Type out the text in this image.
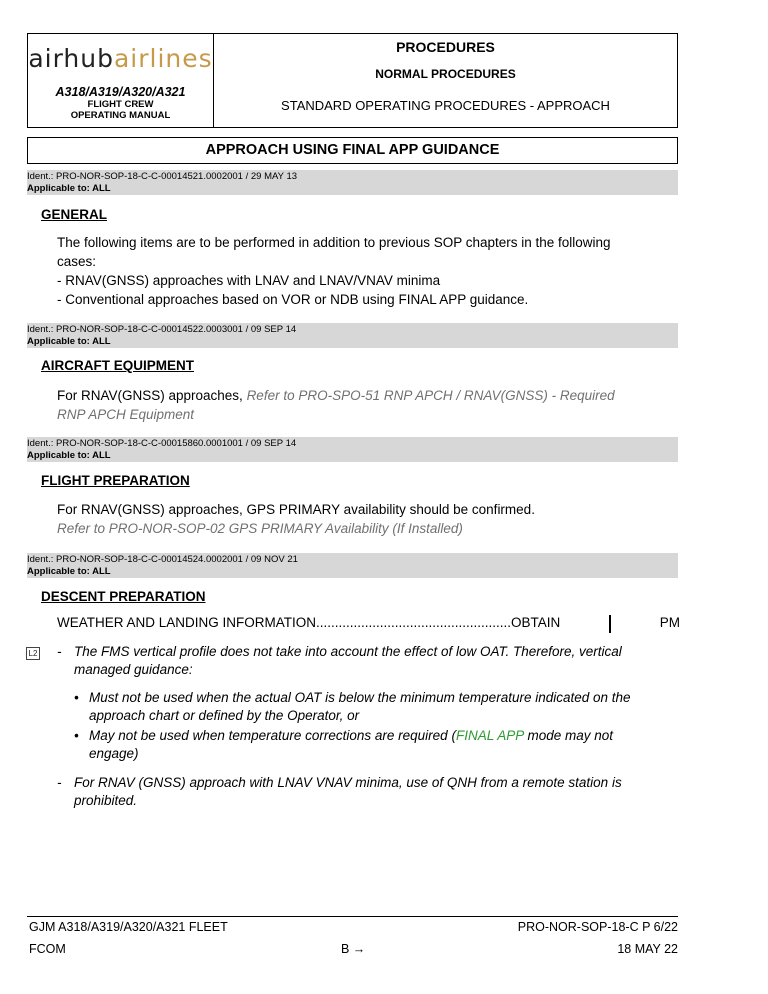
airhubairlines
A318/A319/A320/A321
FLIGHT CREW
OPERATING MANUAL
PROCEDURES
NORMAL PROCEDURES
STANDARD OPERATING PROCEDURES - APPROACH
APPROACH USING FINAL APP GUIDANCE
Ident.: PRO-NOR-SOP-18-C-C-00014521.0002001 / 29 MAY 13
Applicable to: ALL
GENERAL
The following items are to be performed in addition to previous SOP chapters in the following
cases:
- RNAV(GNSS) approaches with LNAV and LNAV/VNAV minima
- Conventional approaches based on VOR or NDB using FINAL APP guidance.
Ident.: PRO-NOR-SOP-18-C-C-00014522.0003001 / 09 SEP 14
Applicable to: ALL
AIRCRAFT EQUIPMENT
For RNAV(GNSS) approaches, Refer to PRO-SPO-51 RNP APCH / RNAV(GNSS) - Required
RNP APCH Equipment
Ident.: PRO-NOR-SOP-18-C-C-00015860.0001001 / 09 SEP 14
Applicable to: ALL
FLIGHT PREPARATION
For RNAV(GNSS) approaches, GPS PRIMARY availability should be confirmed.
Refer to PRO-NOR-SOP-02 GPS PRIMARY Availability (If Installed)
Ident.: PRO-NOR-SOP-18-C-C-00014524.0002001 / 09 NOV 21
Applicable to: ALL
DESCENT PREPARATION
WEATHER AND LANDING INFORMATION....................................................OBTAIN	PM
L2 - The FMS vertical profile does not take into account the effect of low OAT. Therefore, vertical
managed guidance:
• Must not be used when the actual OAT is below the minimum temperature indicated on the
approach chart or defined by the Operator, or
• May not be used when temperature corrections are required (FINAL APP mode may not
engage)
- For RNAV (GNSS) approach with LNAV VNAV minima, use of QNH from a remote station is
prohibited.
GJM A318/A319/A320/A321 FLEET
FCOM	B →
PRO-NOR-SOP-18-C P 6/22
18 MAY 22
